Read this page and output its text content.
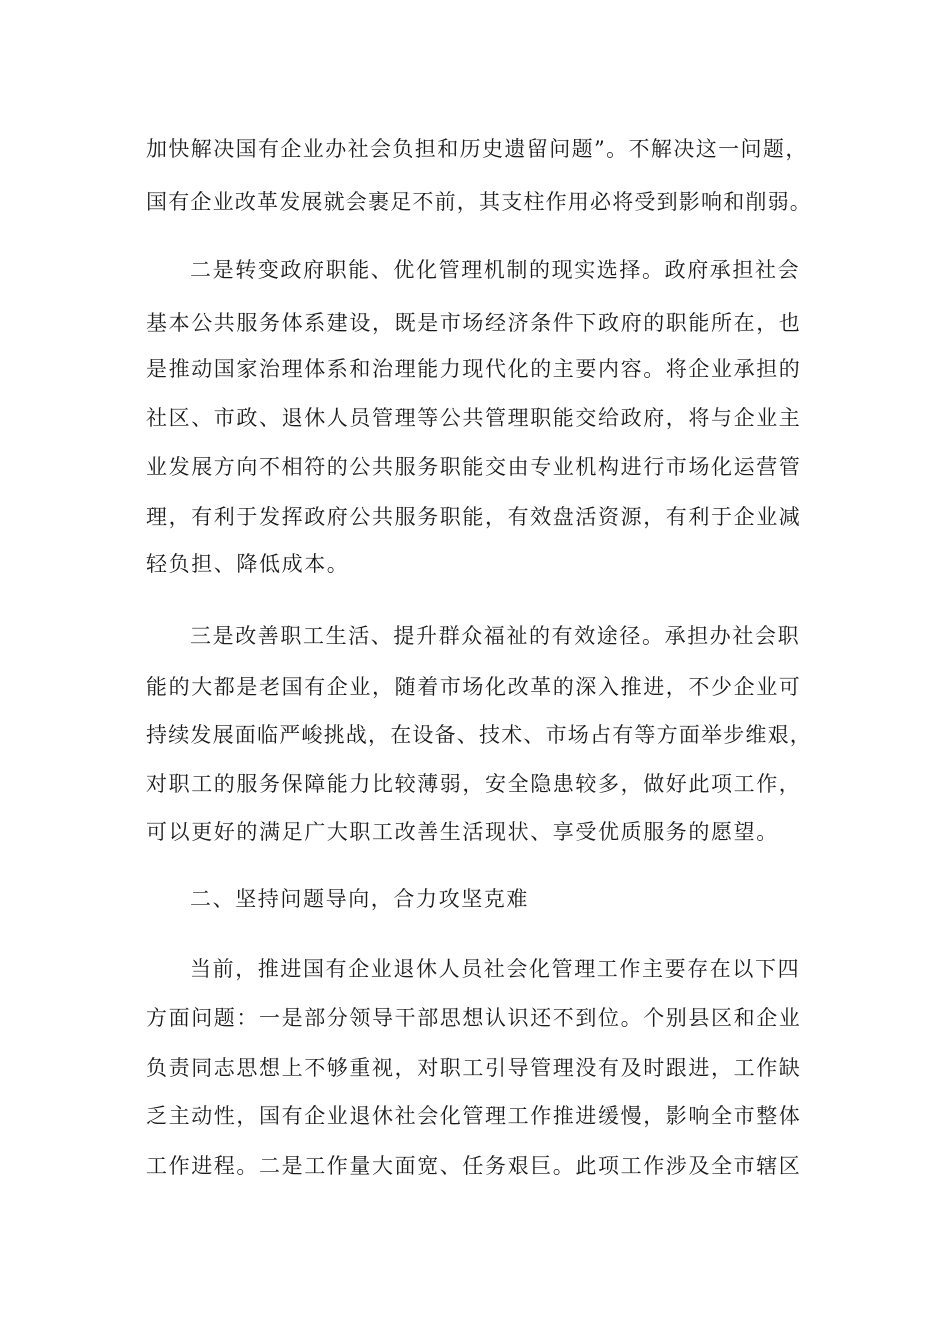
加快解决国有企业办社会负担和历史遗留问题”。不解决这一问题，

国有企业改革发展就会裹足不前，其支柱作用必将受到影响和削弱。

二是转变政府职能、优化管理机制的现实选择。政府承担社会

基本公共服务体系建设，既是市场经济条件下政府的职能所在，也

是推动国家治理体系和治理能力现代化的主要内容。将企业承担的

社区、市政、退休人员管理等公共管理职能交给政府，将与企业主

业发展方向不相符的公共服务职能交由专业机构进行市场化运营管

理，有利于发挥政府公共服务职能，有效盘活资源，有利于企业减

轻负担、降低成本。

三是改善职工生活、提升群众福祉的有效途径。承担办社会职

能的大都是老国有企业，随着市场化改革的深入推进，不少企业可

持续发展面临严峻挑战，在设备、技术、市场占有等方面举步维艰，

对职工的服务保障能力比较薄弱，安全隐患较多，做好此项工作，

可以更好的满足广大职工改善生活现状、享受优质服务的愿望。

二、坚持问题导向，合力攻坚克难

当前，推进国有企业退休人员社会化管理工作主要存在以下四

方面问题：一是部分领导干部思想认识还不到位。个别县区和企业

负责同志思想上不够重视，对职工引导管理没有及时跟进，工作缺

乏主动性，国有企业退休社会化管理工作推进缓慢，影响全市整体

工作进程。二是工作量大面宽、任务艰巨。此项工作涉及全市辖区
